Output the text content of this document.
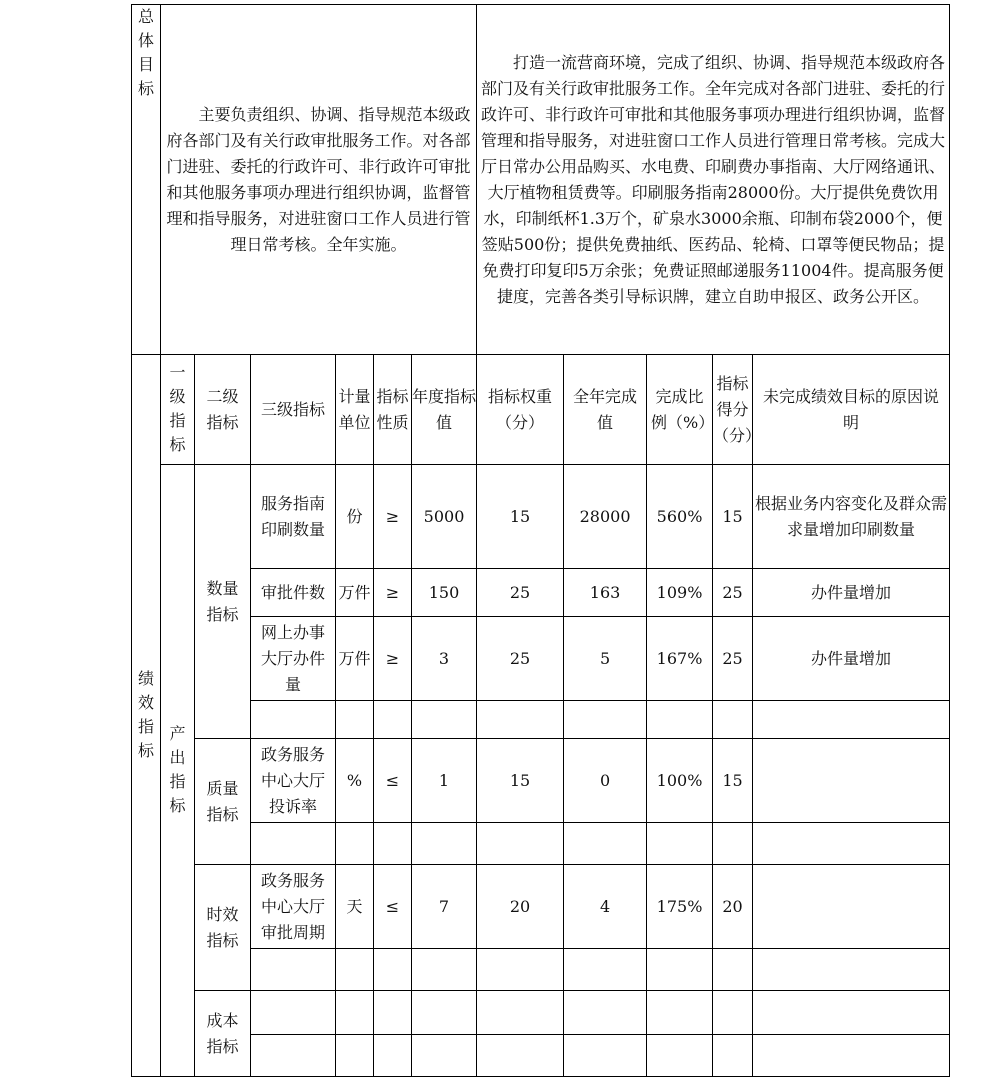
总体目标	主要负责组织、协调、指导规范本级政府各部门及有关行政审批服务工作。对各部门进驻、委托的行政许可、非行政许可审批和其他服务事项办理进行组织协调，监督管理和指导服务，对进驻窗口工作人员进行管理日常考核。全年实施。						打造一流营商环境，完成了组织、协调、指导规范本级政府各部门及有关行政审批服务工作。全年完成对各部门进驻、委托的行政许可、非行政许可审批和其他服务事项办理进行组织协调，监督管理和指导服务，对进驻窗口工作人员进行管理日常考核。完成大厅日常办公用品购买、水电费、印刷费办事指南、大厅网络通讯、大厅植物租赁费等。印刷服务指南28000份。大厅提供免费饮用水，印制纸杯1.3万个，矿泉水3000余瓶、印制布袋2000个，便签贴500份；提供免费抽纸、医药品、轮椅、口罩等便民物品；提免费打印复印5万余张；免费证照邮递服务11004件。提高服务便捷度，完善各类引导标识牌，建立自助申报区、政务公开区。				
绩效指标	一级指标	二级指标	三级指标	计量单位	指标性质	年度指标值	指标权重（分）	全年完成值	完成比例（%）	指标得分（分）	未完成绩效目标的原因说明
	产出指标	数量指标	服务指南印刷数量	份	≥	5000	15	28000	560%	15	根据业务内容变化及群众需求量增加印刷数量
			审批件数	万件	≥	150	25	163	109%	25	办件量增加
			网上办事大厅办件量	万件	≥	3	25	5	167%	25	办件量增加

		质量指标	政务服务中心大厅投诉率	%	≤	1	15	0	100%	15	

		时效指标	政务服务中心大厅审批周期	天	≤	7	20	4	175%	20	

		成本指标									
